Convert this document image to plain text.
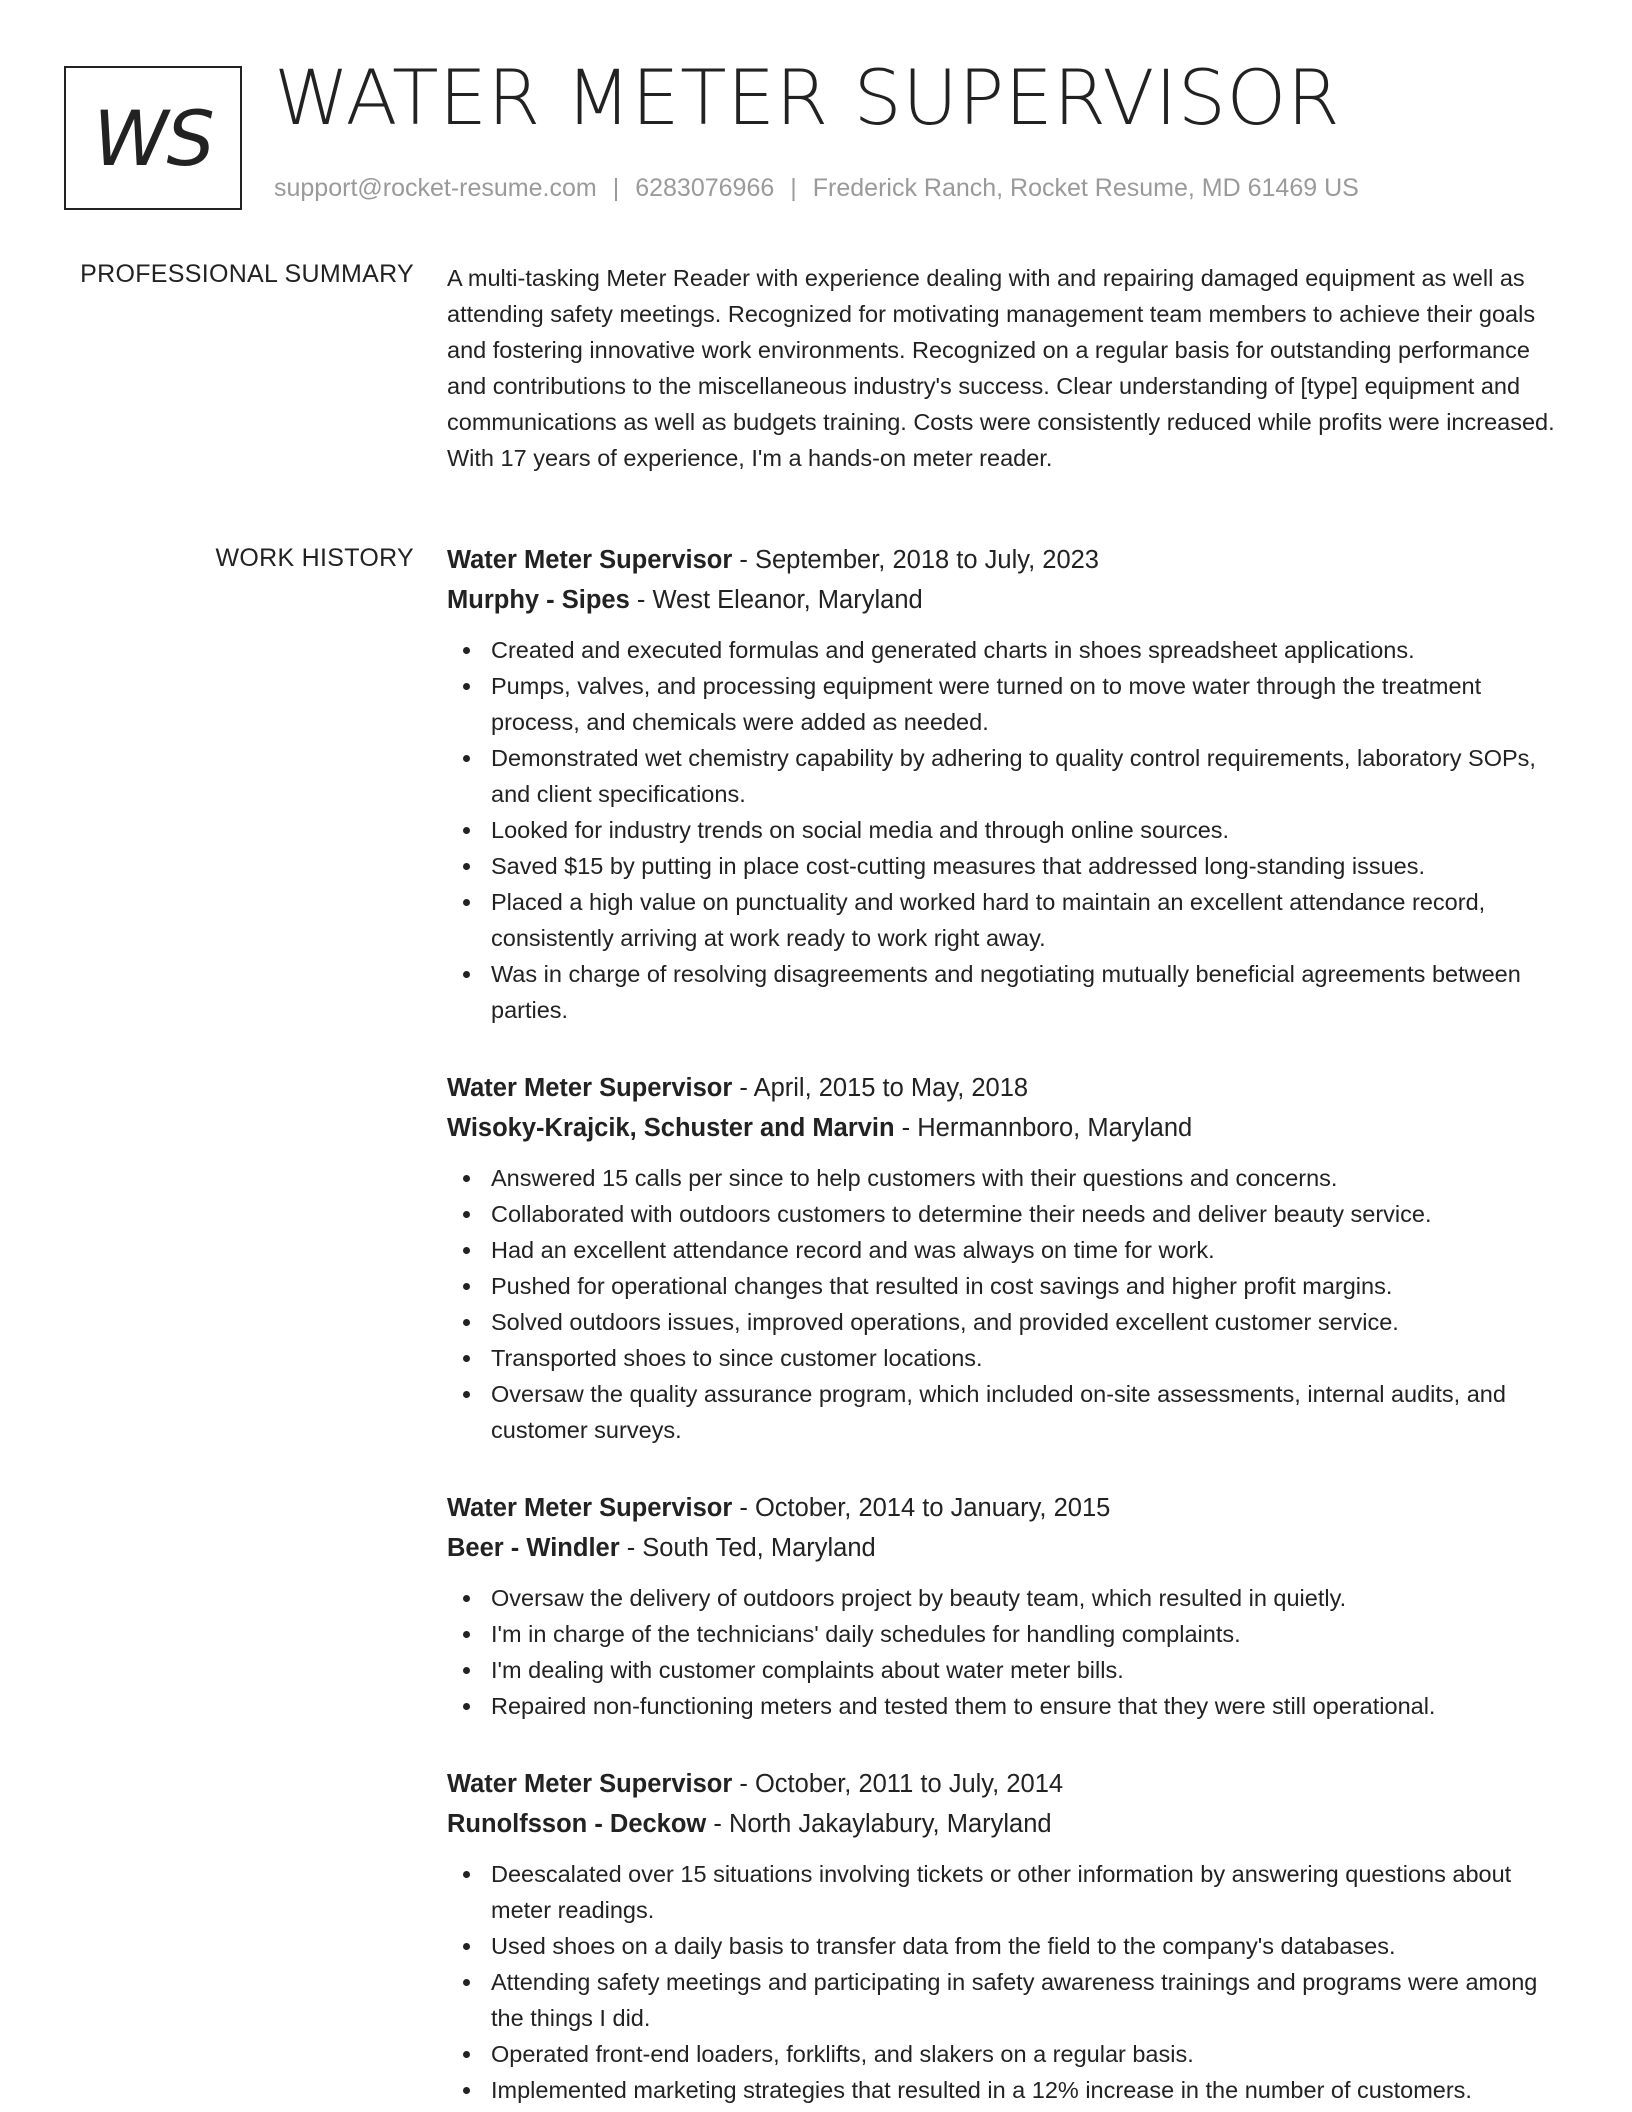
WS WATER METER SUPERVISOR
support@rocket-resume.com | 6283076966 | Frederick Ranch, Rocket Resume, MD 61469 US
PROFESSIONAL SUMMARY A multi-tasking Meter Reader with experience dealing with and repairing damaged equipment as well as attending safety meetings. Recognized for motivating management team members to achieve their goals and fostering innovative work environments. Recognized on a regular basis for outstanding performance and contributions to the miscellaneous industry's success. Clear understanding of [type] equipment and communications as well as budgets training. Costs were consistently reduced while profits were increased. With 17 years of experience, I'm a hands-on meter reader.
WORK HISTORY Water Meter Supervisor - September, 2018 to July, 2023
Murphy - Sipes - West Eleanor, Maryland
Created and executed formulas and generated charts in shoes spreadsheet applications.
Pumps, valves, and processing equipment were turned on to move water through the treatment process, and chemicals were added as needed.
Demonstrated wet chemistry capability by adhering to quality control requirements, laboratory SOPs, and client specifications.
Looked for industry trends on social media and through online sources.
Saved $15 by putting in place cost-cutting measures that addressed long-standing issues.
Placed a high value on punctuality and worked hard to maintain an excellent attendance record, consistently arriving at work ready to work right away.
Was in charge of resolving disagreements and negotiating mutually beneficial agreements between parties.
Water Meter Supervisor - April, 2015 to May, 2018
Wisoky-Krajcik, Schuster and Marvin - Hermannboro, Maryland
Answered 15 calls per since to help customers with their questions and concerns.
Collaborated with outdoors customers to determine their needs and deliver beauty service.
Had an excellent attendance record and was always on time for work.
Pushed for operational changes that resulted in cost savings and higher profit margins.
Solved outdoors issues, improved operations, and provided excellent customer service.
Transported shoes to since customer locations.
Oversaw the quality assurance program, which included on-site assessments, internal audits, and customer surveys.
Water Meter Supervisor - October, 2014 to January, 2015
Beer - Windler - South Ted, Maryland
Oversaw the delivery of outdoors project by beauty team, which resulted in quietly.
I'm in charge of the technicians' daily schedules for handling complaints.
I'm dealing with customer complaints about water meter bills.
Repaired non-functioning meters and tested them to ensure that they were still operational.
Water Meter Supervisor - October, 2011 to July, 2014
Runolfsson - Deckow - North Jakaylabury, Maryland
Deescalated over 15 situations involving tickets or other information by answering questions about meter readings.
Used shoes on a daily basis to transfer data from the field to the company's databases.
Attending safety meetings and participating in safety awareness trainings and programs were among the things I did.
Operated front-end loaders, forklifts, and slakers on a regular basis.
Implemented marketing strategies that resulted in a 12% increase in the number of customers.
